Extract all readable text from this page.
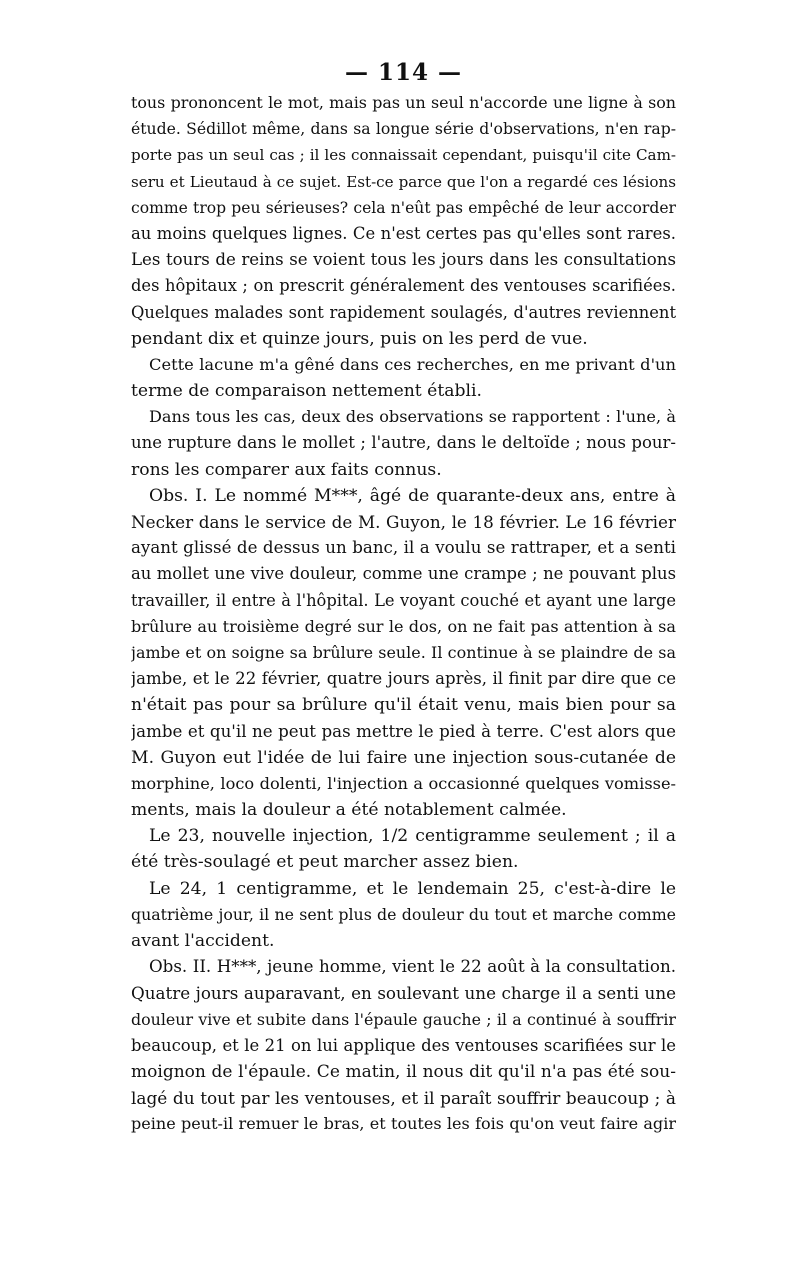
— 114 —
tous prononcent le mot, mais pas un seul n'accorde une ligne à son
étude. Sédillot même, dans sa longue série d'observations, n'en rap-
porte pas un seul cas ; il les connaissait cependant, puisqu'il cite Cam-
seru et Lieutaud à ce sujet. Est-ce parce que l'on a regardé ces lésions
comme trop peu sérieuses? cela n'eût pas empêché de leur accorder
au moins quelques lignes. Ce n'est certes pas qu'elles sont rares.
Les tours de reins se voient tous les jours dans les consultations
des hôpitaux ; on prescrit généralement des ventouses scarifiées.
Quelques malades sont rapidement soulagés, d'autres reviennent
pendant dix et quinze jours, puis on les perd de vue.
Cette lacune m'a gêné dans ces recherches, en me privant d'un
terme de comparaison nettement établi.
Dans tous les cas, deux des observations se rapportent : l'une, à
une rupture dans le mollet ; l'autre, dans le deltoïde ; nous pour-
rons les comparer aux faits connus.
Obs. I. Le nommé M***, âgé de quarante-deux ans, entre à
Necker dans le service de M. Guyon, le 18 février. Le 16 février
ayant glissé de dessus un banc, il a voulu se rattraper, et a senti
au mollet une vive douleur, comme une crampe ; ne pouvant plus
travailler, il entre à l'hôpital. Le voyant couché et ayant une large
brûlure au troisième degré sur le dos, on ne fait pas attention à sa
jambe et on soigne sa brûlure seule. Il continue à se plaindre de sa
jambe, et le 22 février, quatre jours après, il finit par dire que ce
n'était pas pour sa brûlure qu'il était venu, mais bien pour sa
jambe et qu'il ne peut pas mettre le pied à terre. C'est alors que
M. Guyon eut l'idée de lui faire une injection sous-cutanée de
morphine, loco dolenti, l'injection a occasionné quelques vomisse-
ments, mais la douleur a été notablement calmée.
Le 23, nouvelle injection, 1/2 centigramme seulement ; il a
été très-soulagé et peut marcher assez bien.
Le 24, 1 centigramme, et le lendemain 25, c'est-à-dire le
quatrième jour, il ne sent plus de douleur du tout et marche comme
avant l'accident.
Obs. II. H***, jeune homme, vient le 22 août à la consultation.
Quatre jours auparavant, en soulevant une charge il a senti une
douleur vive et subite dans l'épaule gauche ; il a continué à souffrir
beaucoup, et le 21 on lui applique des ventouses scarifiées sur le
moignon de l'épaule. Ce matin, il nous dit qu'il n'a pas été sou-
lagé du tout par les ventouses, et il paraît souffrir beaucoup ; à
peine peut-il remuer le bras, et toutes les fois qu'on veut faire agir
